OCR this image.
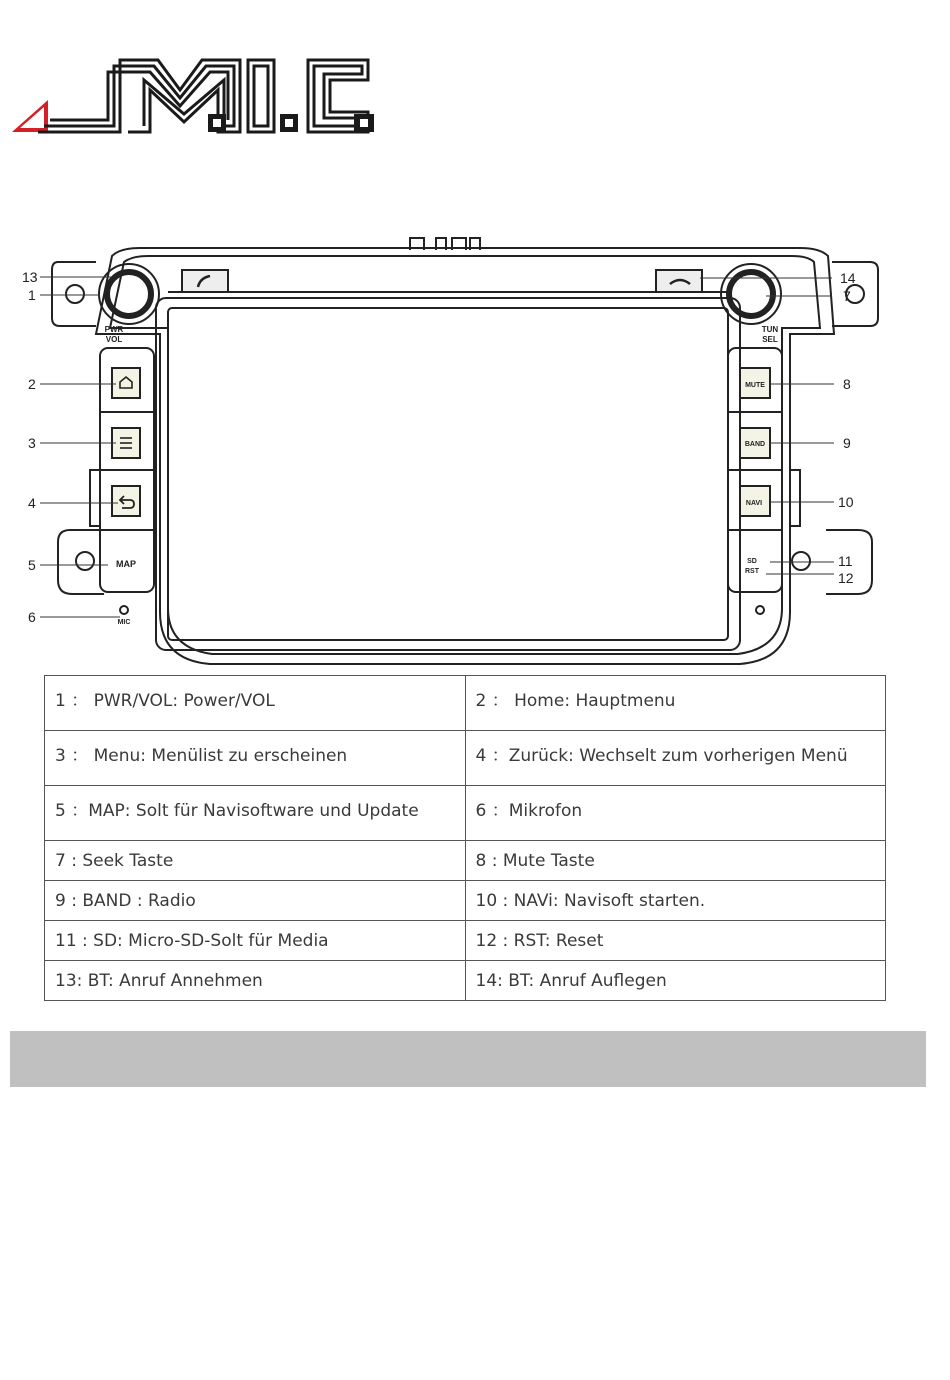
MAP
MUTE
BAND
NAVI
SD
RST
PWR
VOL
TUN
SEL
MIC
13
1
2
3
4
5
6
14
7
8
9
10
11
12
1 ： PWR/VOL: Power/VOL	2 ： Home: Hauptmenu
3 ： Menu: Menülist zu erscheinen	4 ：Zurück: Wechselt zum vorherigen Menü
5 ：MAP: Solt für Navisoftware und Update	6 ：Mikrofon
7 : Seek Taste	8 : Mute Taste
9 : BAND : Radio	10 : NAVi: Navisoft starten.
11 : SD: Micro-SD-Solt für Media	12 : RST: Reset
13: BT: Anruf Annehmen	14: BT: Anruf Auflegen
